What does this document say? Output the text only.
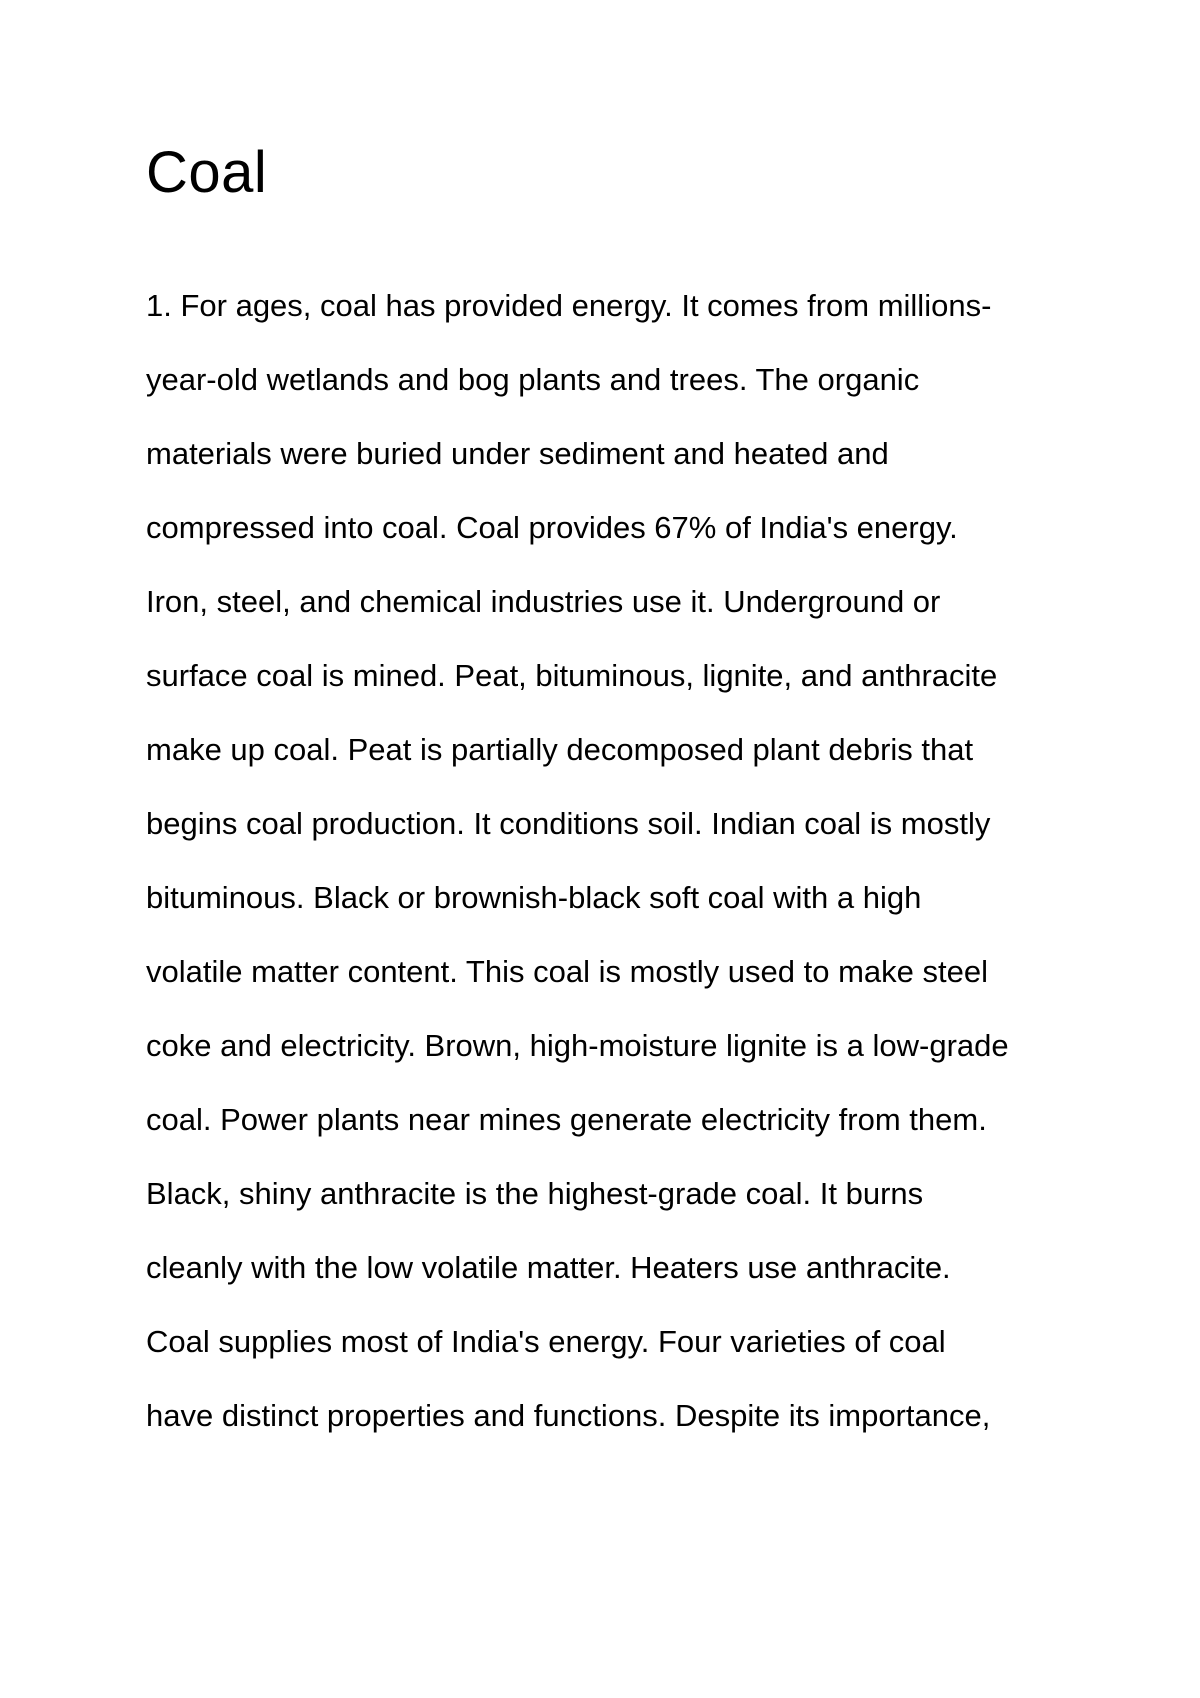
Coal
1. For ages, coal has provided energy. It comes from millions-
year-old wetlands and bog plants and trees. The organic
materials were buried under sediment and heated and
compressed into coal. Coal provides 67% of India's energy.
Iron, steel, and chemical industries use it. Underground or
surface coal is mined. Peat, bituminous, lignite, and anthracite
make up coal. Peat is partially decomposed plant debris that
begins coal production. It conditions soil. Indian coal is mostly
bituminous. Black or brownish-black soft coal with a high
volatile matter content. This coal is mostly used to make steel
coke and electricity. Brown, high-moisture lignite is a low-grade
coal. Power plants near mines generate electricity from them.
Black, shiny anthracite is the highest-grade coal. It burns
cleanly with the low volatile matter. Heaters use anthracite.
Coal supplies most of India's energy. Four varieties of coal
have distinct properties and functions. Despite its importance,
